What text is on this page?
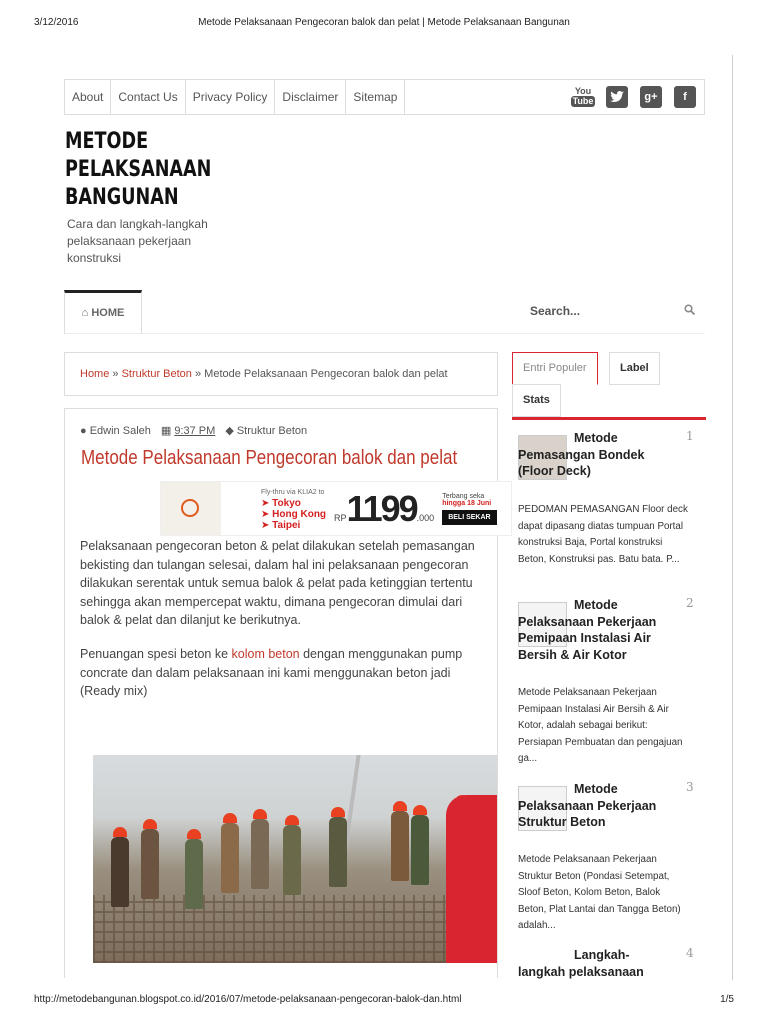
3/12/2016	Metode Pelaksanaan Pengecoran balok dan pelat | Metode Pelaksanaan Bangunan
http://metodebangunan.blogspot.co.id/2016/07/metode-pelaksanaan-pengecoran-balok-dan.html	1/5
About	Contact Us	Privacy Policy	Disclaimer	Sitemap	You
Tube	g+	f
METODE
PELAKSANAAN
BANGUNAN
Cara dan langkah-langkah pelaksanaan pekerjaan konstruksi
⌂ HOME	Search...
Home » Struktur Beton » Metode Pelaksanaan Pengecoran balok dan pelat
● Edwin Saleh ▦ 9:37 PM ◆ Struktur Beton
Metode Pelaksanaan Pengecoran balok dan pelat
Pelaksanaan pengecoran beton & pelat dilakukan setelah pemasangan bekisting dan tulangan selesai, dalam hal ini pelaksanaan pengecoran dilakukan serentak untuk semua balok & pelat pada ketinggian tertentu sehingga akan mempercepat waktu, dimana pengecoran dimulai dari balok & pelat dan dilanjut ke berikutnya.
Penuangan spesi beton ke kolom beton dengan menggunakan pump concrate dan dalam pelaksanaan ini kami menggunakan beton jadi (Ready mix)
Fly-thru via KLIA2 to
➤ Tokyo
➤ Hong Kong
➤ Taipei
RP 1199 .000
Terbang seka
hingga 18 Juni
BELI SEKAR
Entri Populer	Label
Stats
1
Metode Pemasangan Bondek (Floor Deck)
PEDOMAN PEMASANGAN Floor deck dapat dipasang diatas tumpuan Portal konstruksi Baja, Portal konstruksi Beton, Konstruksi pas. Batu bata. P...
2
Metode Pelaksanaan Pekerjaan Pemipaan Instalasi Air Bersih & Air Kotor
Metode Pelaksanaan Pekerjaan Pemipaan Instalasi Air Bersih & Air Kotor, adalah sebagai berikut: Persiapan Pembuatan dan pengajuan ga...
3
Metode Pelaksanaan Pekerjaan Struktur Beton
Metode Pelaksanaan Pekerjaan Struktur Beton (Pondasi Setempat, Sloof Beton, Kolom Beton, Balok Beton, Plat Lantai dan Tangga Beton) adalah...
4
Langkah-langkah pelaksanaan
